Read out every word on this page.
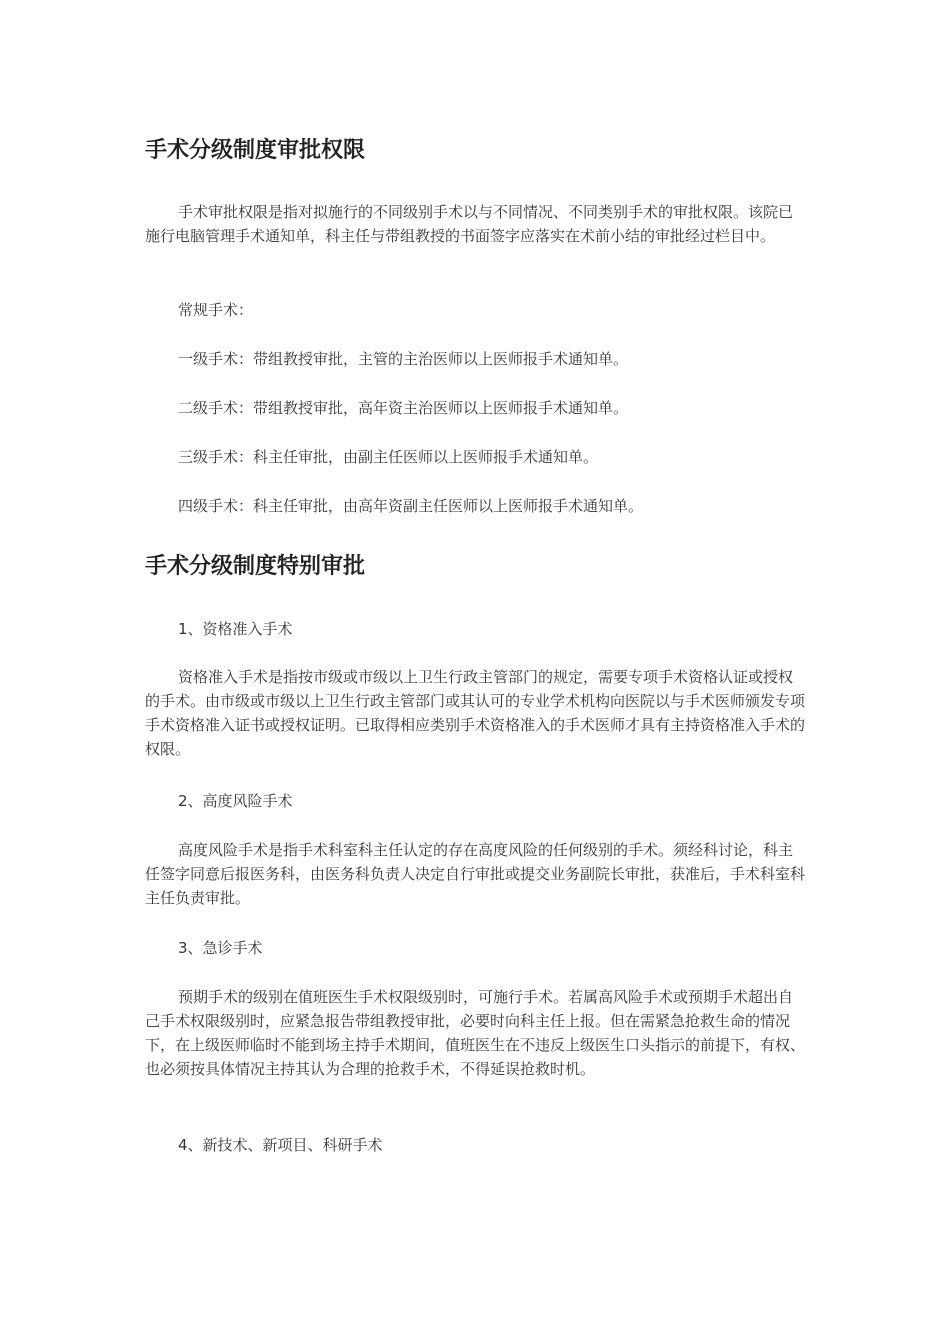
手术分级制度审批权限

手术审批权限是指对拟施行的不同级别手术以与不同情况、不同类别手术的审批权限。该院已施行电脑管理手术通知单，科主任与带组教授的书面签字应落实在术前小结的审批经过栏目中。

常规手术：

一级手术：带组教授审批，主管的主治医师以上医师报手术通知单。

二级手术：带组教授审批，高年资主治医师以上医师报手术通知单。

三级手术：科主任审批，由副主任医师以上医师报手术通知单。

四级手术：科主任审批，由高年资副主任医师以上医师报手术通知单。

手术分级制度特别审批

1、资格准入手术

资格准入手术是指按市级或市级以上卫生行政主管部门的规定，需要专项手术资格认证或授权的手术。由市级或市级以上卫生行政主管部门或其认可的专业学术机构向医院以与手术医师颁发专项手术资格准入证书或授权证明。已取得相应类别手术资格准入的手术医师才具有主持资格准入手术的权限。

2、高度风险手术

高度风险手术是指手术科室科主任认定的存在高度风险的任何级别的手术。须经科讨论，科主任签字同意后报医务科，由医务科负责人决定自行审批或提交业务副院长审批，获准后，手术科室科主任负责审批。

3、急诊手术

预期手术的级别在值班医生手术权限级别时，可施行手术。若属高风险手术或预期手术超出自己手术权限级别时，应紧急报告带组教授审批，必要时向科主任上报。但在需紧急抢救生命的情况下，在上级医师临时不能到场主持手术期间，值班医生在不违反上级医生口头指示的前提下，有权、也必须按具体情况主持其认为合理的抢救手术，不得延误抢救时机。

4、新技术、新项目、科研手术
